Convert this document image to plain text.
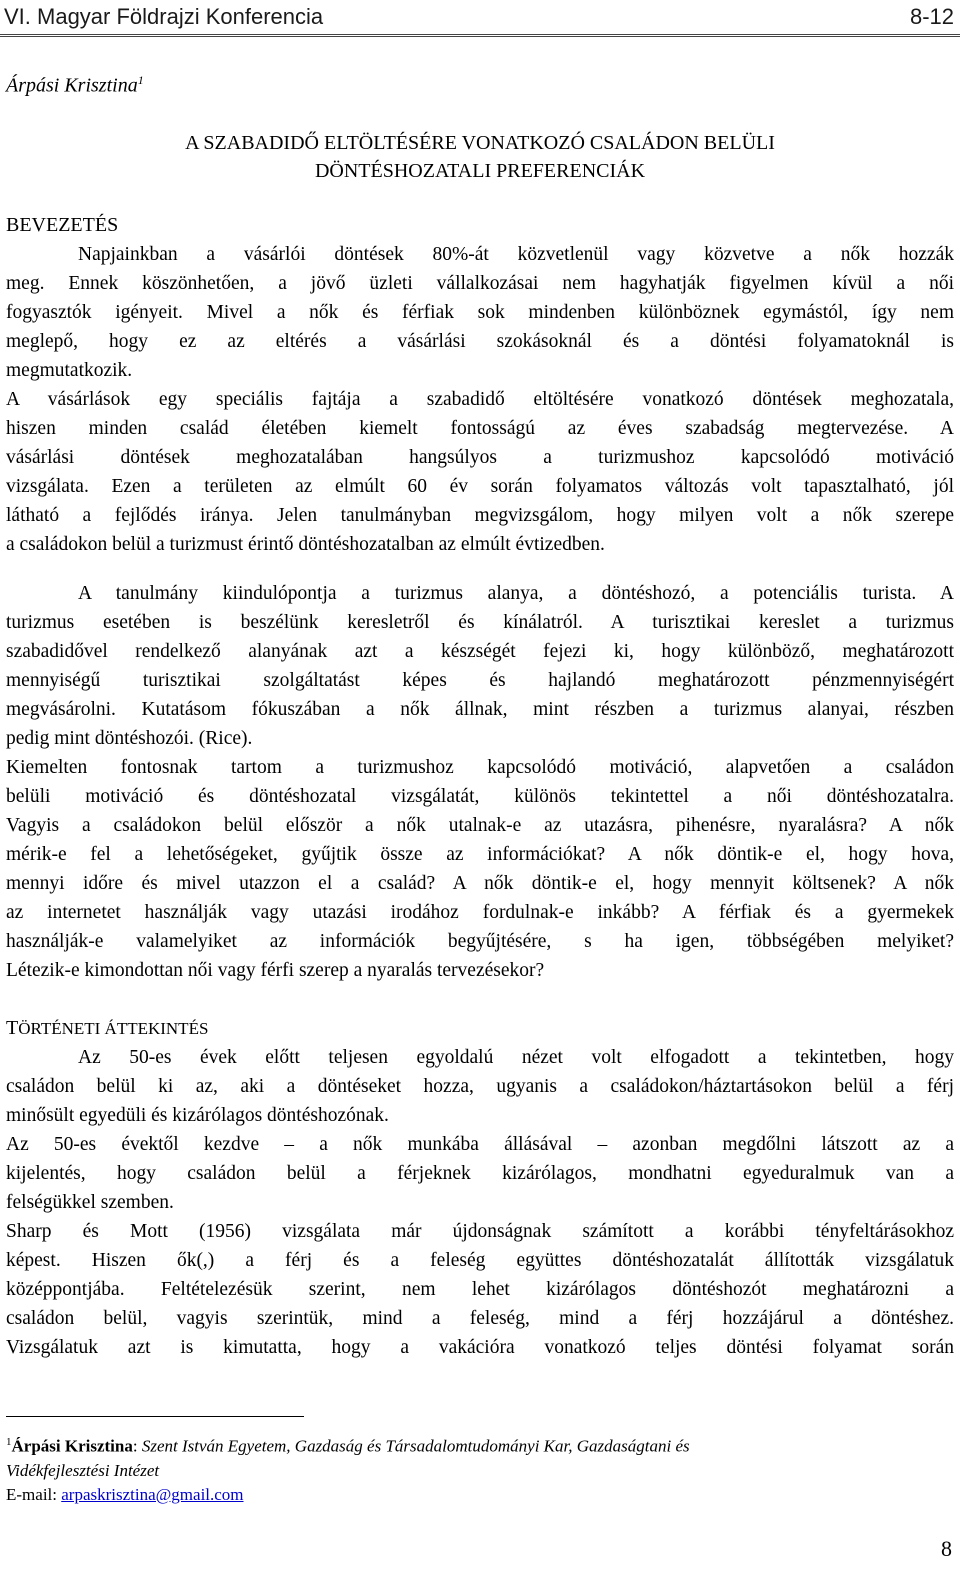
VI. Magyar Földrajzi Konferencia	8-12

Árpási Krisztina$^1$

A SZABADIDŐ ELTÖLTÉSÉRE VONATKOZÓ CSALÁDON BELÜLI
DÖNTÉSHOZATALI PREFERENCIÁK

BEVEZETÉS

Napjainkban a vásárlói döntések 80%-át közvetlenül vagy közvetve a nők hozzák
meg. Ennek köszönhetően, a jövő üzleti vállalkozásai nem hagyhatják figyelmen kívül a női
fogyasztók igényeit. Mivel a nők és férfiak sok mindenben különböznek egymástól, így nem
meglepő, hogy ez az eltérés a vásárlási szokásoknál és a döntési folyamatoknál is
megmutatkozik.

A vásárlások egy speciális fajtája a szabadidő eltöltésére vonatkozó döntések meghozatala,
hiszen minden család életében kiemelt fontosságú az éves szabadság megtervezése. A
vásárlási döntések meghozatalában hangsúlyos a turizmushoz kapcsolódó motiváció
vizsgálata. Ezen a területen az elmúlt 60 év során folyamatos változás volt tapasztalható, jól
látható a fejlődés iránya. Jelen tanulmányban megvizsgálom, hogy milyen volt a nők szerepe
a családokon belül a turizmust érintő döntéshozatalban az elmúlt évtizedben.

A tanulmány kiindulópontja a turizmus alanya, a döntéshozó, a potenciális turista. A
turizmus esetében is beszélünk keresletről és kínálatról. A turisztikai kereslet a turizmus
szabadidővel rendelkező alanyának azt a készségét fejezi ki, hogy különböző, meghatározott
mennyiségű turisztikai szolgáltatást képes és hajlandó meghatározott pénzmennyiségért
megvásárolni. Kutatásom fókuszában a nők állnak, mint részben a turizmus alanyai, részben
pedig mint döntéshozói. (Rice).

Kiemelten fontosnak tartom a turizmushoz kapcsolódó motiváció, alapvetően a családon
belüli motiváció és döntéshozatal vizsgálatát, különös tekintettel a női döntéshozatalra.
Vagyis a családokon belül először a nők utalnak-e az utazásra, pihenésre, nyaralásra? A nők
mérik-e fel a lehetőségeket, gyűjtik össze az információkat? A nők döntik-e el, hogy hova,
mennyi időre és mivel utazzon el a család? A nők döntik-e el, hogy mennyit költsenek? A nők
az internetet használják vagy utazási irodához fordulnak-e inkább? A férfiak és a gyermekek
használják-e valamelyiket az információk begyűjtésére, s ha igen, többségében melyiket?
Létezik-e kimondottan női vagy férfi szerep a nyaralás tervezésekor?

TÖRTÉNETI ÁTTEKINTÉS

Az 50-es évek előtt teljesen egyoldalú nézet volt elfogadott a tekintetben, hogy
családon belül ki az, aki a döntéseket hozza, ugyanis a családokon/háztartásokon belül a férj
minősült egyedüli és kizárólagos döntéshozónak.

Az 50-es évektől kezdve – a nők munkába állásával – azonban megdőlni látszott az a
kijelentés, hogy családon belül a férjeknek kizárólagos, mondhatni egyeduralmuk van a
felségükkel szemben.

Sharp és Mott (1956) vizsgálata már újdonságnak számított a korábbi tényfeltárásokhoz
képest. Hiszen ők(,) a férj és a feleség együttes döntéshozatalát állították vizsgálatuk
középpontjába. Feltételezésük szerint, nem lehet kizárólagos döntéshozót meghatározni a
családon belül, vagyis szerintük, mind a feleség, mind a férj hozzájárul a döntéshez.
Vizsgálatuk azt is kimutatta, hogy a vakációra vonatkozó teljes döntési folyamat során

$^1$Árpási Krisztina: Szent István Egyetem, Gazdaság és Társadalomtudományi Kar, Gazdaságtani és
Vidékfejlesztési Intézet
E-mail: arpaskrisztina@gmail.com
8
